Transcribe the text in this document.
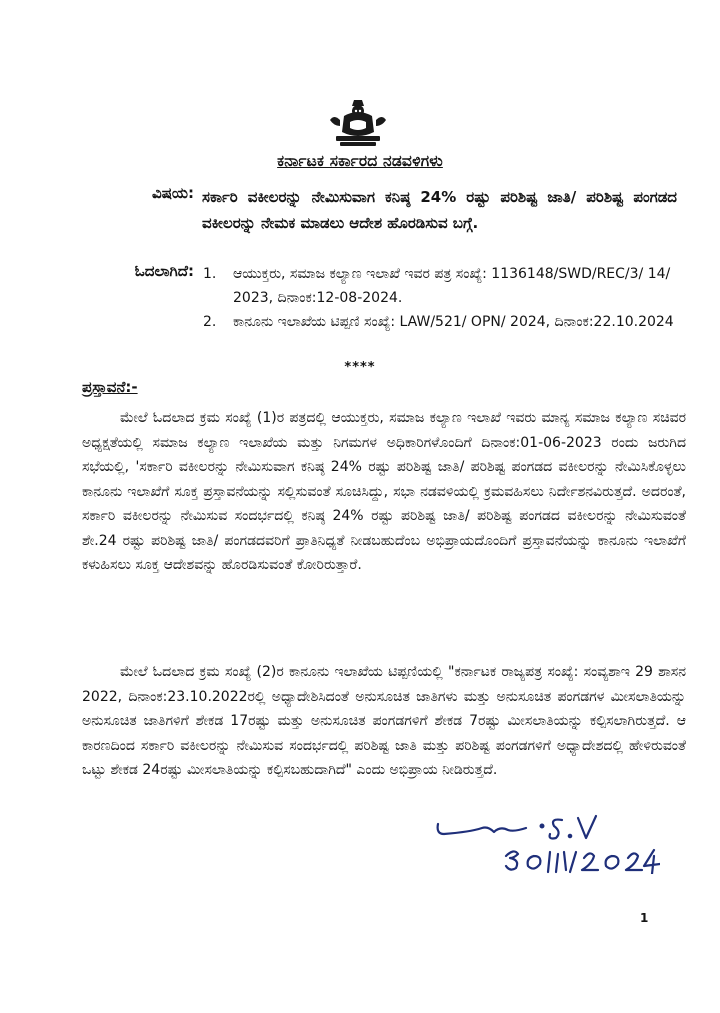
ಕರ್ನಾಟಕ ಸರ್ಕಾರದ ನಡವಳಿಗಳು
ವಿಷಯ: ಸರ್ಕಾರಿ ವಕೀಲರನ್ನು ನೇಮಿಸುವಾಗ ಕನಿಷ್ಠ 24% ರಷ್ಟು ಪರಿಶಿಷ್ಟ ಜಾತಿ/ ಪರಿಶಿಷ್ಟ ಪಂಗಡದ ವಕೀಲರನ್ನು ನೇಮಕ ಮಾಡಲು ಆದೇಶ ಹೊರಡಿಸುವ ಬಗ್ಗೆ.
ಓದಲಾಗಿದೆ: 1. ಆಯುಕ್ತರು, ಸಮಾಜ ಕಲ್ಯಾಣ ಇಲಾಖೆ ಇವರ ಪತ್ರ ಸಂಖ್ಯೆ: 1136148/SWD/REC/3/ 14/ 2023, ದಿನಾಂಕ:12-08-2024.
2. ಕಾನೂನು ಇಲಾಖೆಯ ಟಿಪ್ಪಣಿ ಸಂಖ್ಯೆ: LAW/521/ OPN/ 2024, ದಿನಾಂಕ:22.10.2024
****
ಪ್ರಸ್ತಾವನೆ:-

ಮೇಲೆ ಓದಲಾದ ಕ್ರಮ ಸಂಖ್ಯೆ (1)ರ ಪತ್ರದಲ್ಲಿ ಆಯುಕ್ತರು, ಸಮಾಜ ಕಲ್ಯಾಣ ಇಲಾಖೆ ಇವರು ಮಾನ್ಯ ಸಮಾಜ ಕಲ್ಯಾಣ ಸಚಿವರ ಅಧ್ಯಕ್ಷತೆಯಲ್ಲಿ ಸಮಾಜ ಕಲ್ಯಾಣ ಇಲಾಖೆಯ ಮತ್ತು ನಿಗಮಗಳ ಅಧಿಕಾರಿಗಳೊಂದಿಗೆ ದಿನಾಂಕ:01-06-2023 ರಂದು ಜರುಗಿದ ಸಭೆಯಲ್ಲಿ, 'ಸರ್ಕಾರಿ ವಕೀಲರನ್ನು ನೇಮಿಸುವಾಗ ಕನಿಷ್ಠ 24% ರಷ್ಟು ಪರಿಶಿಷ್ಟ ಜಾತಿ/ ಪರಿಶಿಷ್ಟ ಪಂಗಡದ ವಕೀಲರನ್ನು ನೇಮಿಸಿಕೊಳ್ಳಲು ಕಾನೂನು ಇಲಾಖೆಗೆ ಸೂಕ್ತ ಪ್ರಸ್ತಾವನೆಯನ್ನು ಸಲ್ಲಿಸುವಂತೆ ಸೂಚಿಸಿದ್ದು, ಸಭಾ ನಡವಳಿಯಲ್ಲಿ ಕ್ರಮವಹಿಸಲು ನಿರ್ದೇಶನವಿರುತ್ತದೆ. ಅದರಂತೆ, ಸರ್ಕಾರಿ ವಕೀಲರನ್ನು ನೇಮಿಸುವ ಸಂದರ್ಭದಲ್ಲಿ ಕನಿಷ್ಠ 24% ರಷ್ಟು ಪರಿಶಿಷ್ಟ ಜಾತಿ/ ಪರಿಶಿಷ್ಟ ಪಂಗಡದ ವಕೀಲರನ್ನು ನೇಮಿಸುವಂತೆ ಶೇ.24 ರಷ್ಟು ಪರಿಶಿಷ್ಟ ಜಾತಿ/ ಪಂಗಡದವರಿಗೆ ಪ್ರಾತಿನಿಧ್ಯತೆ ನೀಡಬಹುದೆಂಬ ಅಭಿಪ್ರಾಯದೊಂದಿಗೆ ಪ್ರಸ್ತಾವನೆಯನ್ನು ಕಾನೂನು ಇಲಾಖೆಗೆ ಕಳುಹಿಸಲು ಸೂಕ್ತ ಆದೇಶವನ್ನು ಹೊರಡಿಸುವಂತೆ ಕೋರಿರುತ್ತಾರೆ.

ಮೇಲೆ ಓದಲಾದ ಕ್ರಮ ಸಂಖ್ಯೆ (2)ರ ಕಾನೂನು ಇಲಾಖೆಯ ಟಿಪ್ಪಣಿಯಲ್ಲಿ "ಕರ್ನಾಟಕ ರಾಜ್ಯಪತ್ರ ಸಂಖ್ಯೆ: ಸಂವ್ಯಶಾಇ 29 ಶಾಸನ 2022, ದಿನಾಂಕ:23.10.2022ರಲ್ಲಿ ಅಧ್ಯಾದೇಶಿಸಿದಂತೆ ಅನುಸೂಚಿತ ಜಾತಿಗಳು ಮತ್ತು ಅನುಸೂಚಿತ ಪಂಗಡಗಳ ಮೀಸಲಾತಿಯನ್ನು ಅನುಸೂಚಿತ ಜಾತಿಗಳಿಗೆ ಶೇಕಡ 17ರಷ್ಟು ಮತ್ತು ಅನುಸೂಚಿತ ಪಂಗಡಗಳಿಗೆ ಶೇಕಡ 7ರಷ್ಟು ಮೀಸಲಾತಿಯನ್ನು ಕಲ್ಪಿಸಲಾಗಿರುತ್ತದೆ. ಆ ಕಾರಣದಿಂದ ಸರ್ಕಾರಿ ವಕೀಲರನ್ನು ನೇಮಿಸುವ ಸಂದರ್ಭದಲ್ಲಿ ಪರಿಶಿಷ್ಟ ಜಾತಿ ಮತ್ತು ಪರಿಶಿಷ್ಟ ಪಂಗಡಗಳಿಗೆ ಅಧ್ಯಾದೇಶದಲ್ಲಿ ಹೇಳಿರುವಂತೆ ಒಟ್ಟು ಶೇಕಡ 24ರಷ್ಟು ಮೀಸಲಾತಿಯನ್ನು ಕಲ್ಪಿಸಬಹುದಾಗಿದೆ" ಎಂದು ಅಭಿಪ್ರಾಯ ನೀಡಿರುತ್ತದೆ.

1
